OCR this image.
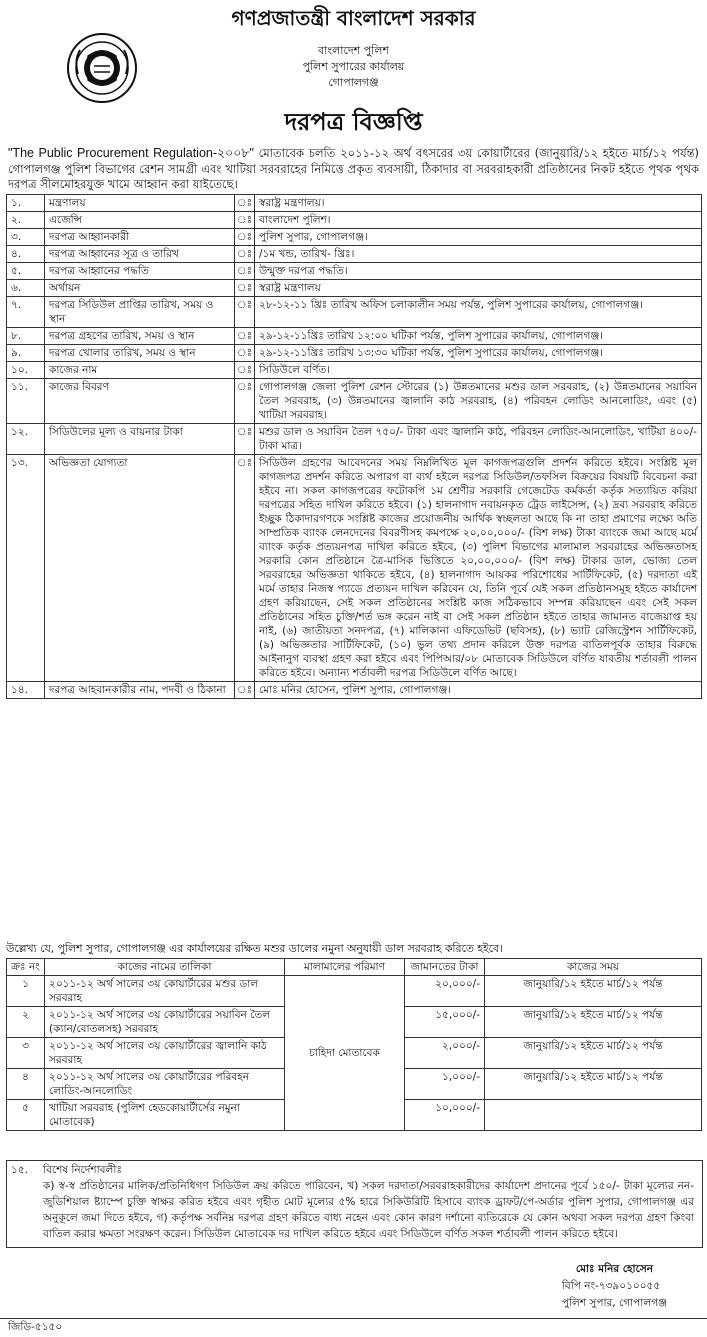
গণপ্রজাতন্ত্রী বাংলাদেশ সরকার
বাংলাদেশ পুলিশ
পুলিশ সুপারের কার্যালয়
গোপালগঞ্জ
দরপত্র বিজ্ঞপ্তি
"The Public Procurement Regulation-২০০৮" মোতাবেক চলতি ২০১১-১২ অর্থ বৎসরের ৩য় কোয়ার্টারের (জানুয়ারি/১২ হইতে মার্চ/১২ পর্যন্ত) গোপালগঞ্জ পুলিশ বিভাগের রেশন সামগ্রী এবং খাটিয়া সরবরাহের নিমিত্তে প্রকৃত ব্যবসায়ী, ঠিকাদার বা সরবরাহকারী প্রতিষ্ঠানের নিকট হইতে পৃথক পৃথক দরপত্র সীলমোহরযুক্ত খামে আহ্বান করা যাইতেছে।
১.	মন্ত্রণালয়	ঃ	স্বরাষ্ট্র মন্ত্রণালয়।
২.	এজেন্সি	ঃ	বাংলাদেশ পুলিশ।
৩.	দরপত্র আহ্বানকারী	ঃ	পুলিশ সুপার, গোপালগঞ্জ।
৪.	দরপত্র আহ্বানের সূত্র ও তারিখ	ঃ	/১ম খন্ড, তারিখ- খ্রিঃ।
৫.	দরপত্র আহ্বানের পদ্ধতি	ঃ	উন্মুক্ত দরপত্র পদ্ধতি।
৬.	অর্থায়ন	ঃ	স্বরাষ্ট্র মন্ত্রণালয়
৭.	দরপত্র সিডিউল প্রাপ্তির তারিখ, সময় ও স্থান	ঃ	২৮-১২-১১ খ্রিঃ তারিখ অফিস চলাকালীন সময় পর্যন্ত, পুলিশ সুপারের কার্যালয়, গোপালগঞ্জ।
৮.	দরপত্র গ্রহণের তারিখ, সময় ও স্থান	ঃ	২৯-১২-১১খ্রিঃ তারিখ ১২:০০ ঘটিকা পর্যন্ত, পুলিশ সুপারের কার্যালয়, গোপালগঞ্জ।
৯.	দরপত্র খোলার তারিখ, সময় ও স্থান	ঃ	২৯-১২-১১খ্রিঃ তারিখ ১৩:৩০ ঘটিকা পর্যন্ত, পুলিশ সুপারের কার্যালয়, গোপালগঞ্জ।
১০.	কাজের নাম	ঃ	সিডিউলে বর্ণিত।
১১.	কাজের বিবরণ	ঃ	গোপালগঞ্জ জেলা পুলিশ রেশন স্টোরের (১) উন্নতমানের মশুর ডাল সরবরাহ, (২) উন্নতমানের সয়াবিন তৈল সরবরাহ, (৩) উন্নতমানের জ্বালানি কাঠ সরবরাহ, (৪) পরিবহন লোডিং আনলোডিং, এবং (৫) খাটিয়া সরবরাহ।
১২.	সিডিউলের মূল্য ও বায়নার টাকা	ঃ	মশুর ডাল ও সয়াবিন তৈল ৭৫০/- টাকা এবং জ্বালানি কাঠ, পরিবহন লোডিং-আনলোডিং, খাটিয়া ৪০০/- টাকা মাত্র।
১৩.	অভিজ্ঞতা যোগ্যতা	ঃ	সিডিউল গ্রহণের আবেদনের সময় নিম্নলিখিত মূল কাগজপত্রগুলি প্রদর্শন করিতে হইবে। সংশ্লিষ্ট মূল কাগজপত্র প্রদর্শন করিতে অপারগ বা ব্যর্থ হইলে দরপত্র সিডিউল/তফসিল বিক্রয়ের বিষয়টি বিবেচনা করা হইবে না। সকল কাগজপত্রের ফটোকপি ১ম শ্রেণীর সরকারি গেজেটেড কর্মকর্তা কর্তৃক সত্যায়িত করিয়া দরপত্রের সহিত দাখিল করিতে হইবে। (১) হালনাগাদ নবায়নকৃত ট্রেড লাইসেন্স, (২) দ্রব্য সরবরাহ করিতে ইচ্ছুক ঠিকাদারগণকে সংশ্লিষ্ট কাজের প্রয়োজনীয় আর্থিক স্বচ্ছলতা আছে কি না তাহা প্রমাণের লক্ষ্যে অতি সাম্প্রতিক ব্যাংক লেনদেনের বিবরণীসহ কমপক্ষে ২০,০০,০০০/- (বিশ লক্ষ) টাকা ব্যাংকে জমা আছে মর্মে ব্যাংক কর্তৃক প্রত্যয়নপত্র দাখিল করিতে হইবে, (৩) পুলিশ বিভাগের মালামাল সরবরাহের অভিজ্ঞতাসহ সরকারি কোন প্রতিষ্ঠানে ত্রৈ-মাসিক ভিত্তিতে ২০,০০,০০০/- (বিশ লক্ষ) টাকার ডাল, ভোজ্য তেল সরবরাহের অভিজ্ঞতা থাকিতে হইবে, (৪) হালনাগাদ আয়কর পরিশোধের সার্টিফিকেট, (৫) দরদাতা এই মর্মে তাহার নিজস্ব প্যাডে প্রত্যয়ন দাখিল করিবেন যে, তিনি পূর্বে যেই সকল প্রতিষ্ঠানসমূহ হইতে কার্যাদেশ গ্রহণ করিয়াছেন, সেই সকল প্রতিষ্ঠানের সংশ্লিষ্ট কাজ সঠিকভাবে সম্পন্ন করিয়াছেন এবং সেই সকল প্রতিষ্ঠানের সহিত চুক্তি/শর্ত ভঙ্গ করেন নাই বা সেই সকল প্রতিষ্ঠান হইতে তাহার জামানত বাজেয়াপ্ত হয় নাই, (৬) জাতীয়তা সনদপত্র, (৭) মালিকানা এফিডেভিট (ছবিসহ), (৮) ভ্যাট রেজিস্ট্রেশন সার্টিফিকেট, (৯) অভিজ্ঞতার সার্টিফিকেট, (১০) ভুল তথ্য প্রদান করিলে উক্ত দরপত্র বাতিলপূর্বক তাহার বিরুদ্ধে আইনানুগ ব্যবস্থা গ্রহণ করা হইবে এবং পিপিআর/০৮ মোতাবেক সিডিউলে বর্ণিত যাবতীয় শর্তাবলী পালন করিতে হইবে। অন্যান্য শর্তাবলী দরপত্র সিডিউলে বর্ণিত আছে।
১৪.	দরপত্র আহবানকারীর নাম, পদবী ও ঠিকানা	ঃ	মোঃ মনির হোসেন, পুলিশ সুপার, গোপালগঞ্জ।
উল্লেখ্য যে, পুলিশ সুপার, গোপালগঞ্জ এর কার্যালয়ের রক্ষিত মশুর ডালের নমুনা অনুযায়ী ডাল সরবরাহ করিতে হইবে।
ক্রঃ নং	কাজের নামের তালিকা	মালামালের পরিমাণ	জামানতের টাকা	কাজের সময়
১	২০১১-১২ অর্থ সালের ৩য় কোয়ার্টারের মশুর ডাল সরবরাহ	চাহিদা মোতাবেক	২০,০০০/-	জানুয়ারি/১২ হইতে মার্চ/১২ পর্যন্ত
২	২০১১-১২ অর্থ সালের ৩য় কোয়ার্টারের সয়াবিন তৈল (ক্যান/বোতলসহ) সরবরাহ		১৫,০০০/-	জানুয়ারি/১২ হইতে মার্চ/১২ পর্যন্ত
৩	২০১১-১২ অর্থ সালের ৩য় কোয়ার্টারের জ্বালানি কাঠ সরবরাহ		২,০০০/-	জানুয়ারি/১২ হইতে মার্চ/১২ পর্যন্ত
৪	২০১১-১২ অর্থ সালের ৩য় কোয়ার্টারের পরিবহন লোডিং-আনলোডিং		১,০০০/-	জানুয়ারি/১২ হইতে মার্চ/১২ পর্যন্ত
৫	খাটিয়া সরবরাহ (পুলিশ হেডকোয়ার্টার্সের নমুনা মোতাবেক)		১০,০০০/-	
১৫. বিশেষ নির্দেশাবলীঃ
ক) স্ব-স্ব প্রতিষ্ঠানের মালিক/প্রতিনিধিগণ সিডিউল ক্রয় করিতে পারিবেন, খ) সকল দরদাতা/সরবরাহকারীদের কার্যাদেশ প্রদানের পূর্বে ১৫০/- টাকা মূল্যের নন-জুডিশিয়াল ষ্ট্যাম্পে চুক্তি স্বাক্ষর করিত হইবে এবং গৃহীত মোট মূল্যের ৫% হারে সিকিউরিটি হিসাবে ব্যাংক ড্রাফট/পে-অর্ডার পুলিশ সুপার, গোপালগঞ্জ এর অনুকূলে জমা দিতে হইবে, গ) কর্তৃপক্ষ সর্বনিম্ন দরপত্র গ্রহণ করিতে বাধ্য নহেন এবং কোন কারণ দর্শানো ব্যতিরেকে যে কোন অথবা সকল দরপত্র গ্রহণ কিংবা বাতিল করার ক্ষমতা সংরক্ষণ করেন। সিডিউল মোতাবেক দর দাখিল করিতে হইবে এবং সিডিউলে বর্ণিত সকল শর্তাবলী পালন করিতে হইবে।
মোঃ মনির হোসেন
বিপি নং-৭৩৯০১০০৫৫
পুলিশ সুপার, গোপালগঞ্জ
জিডি-৫১৫০
